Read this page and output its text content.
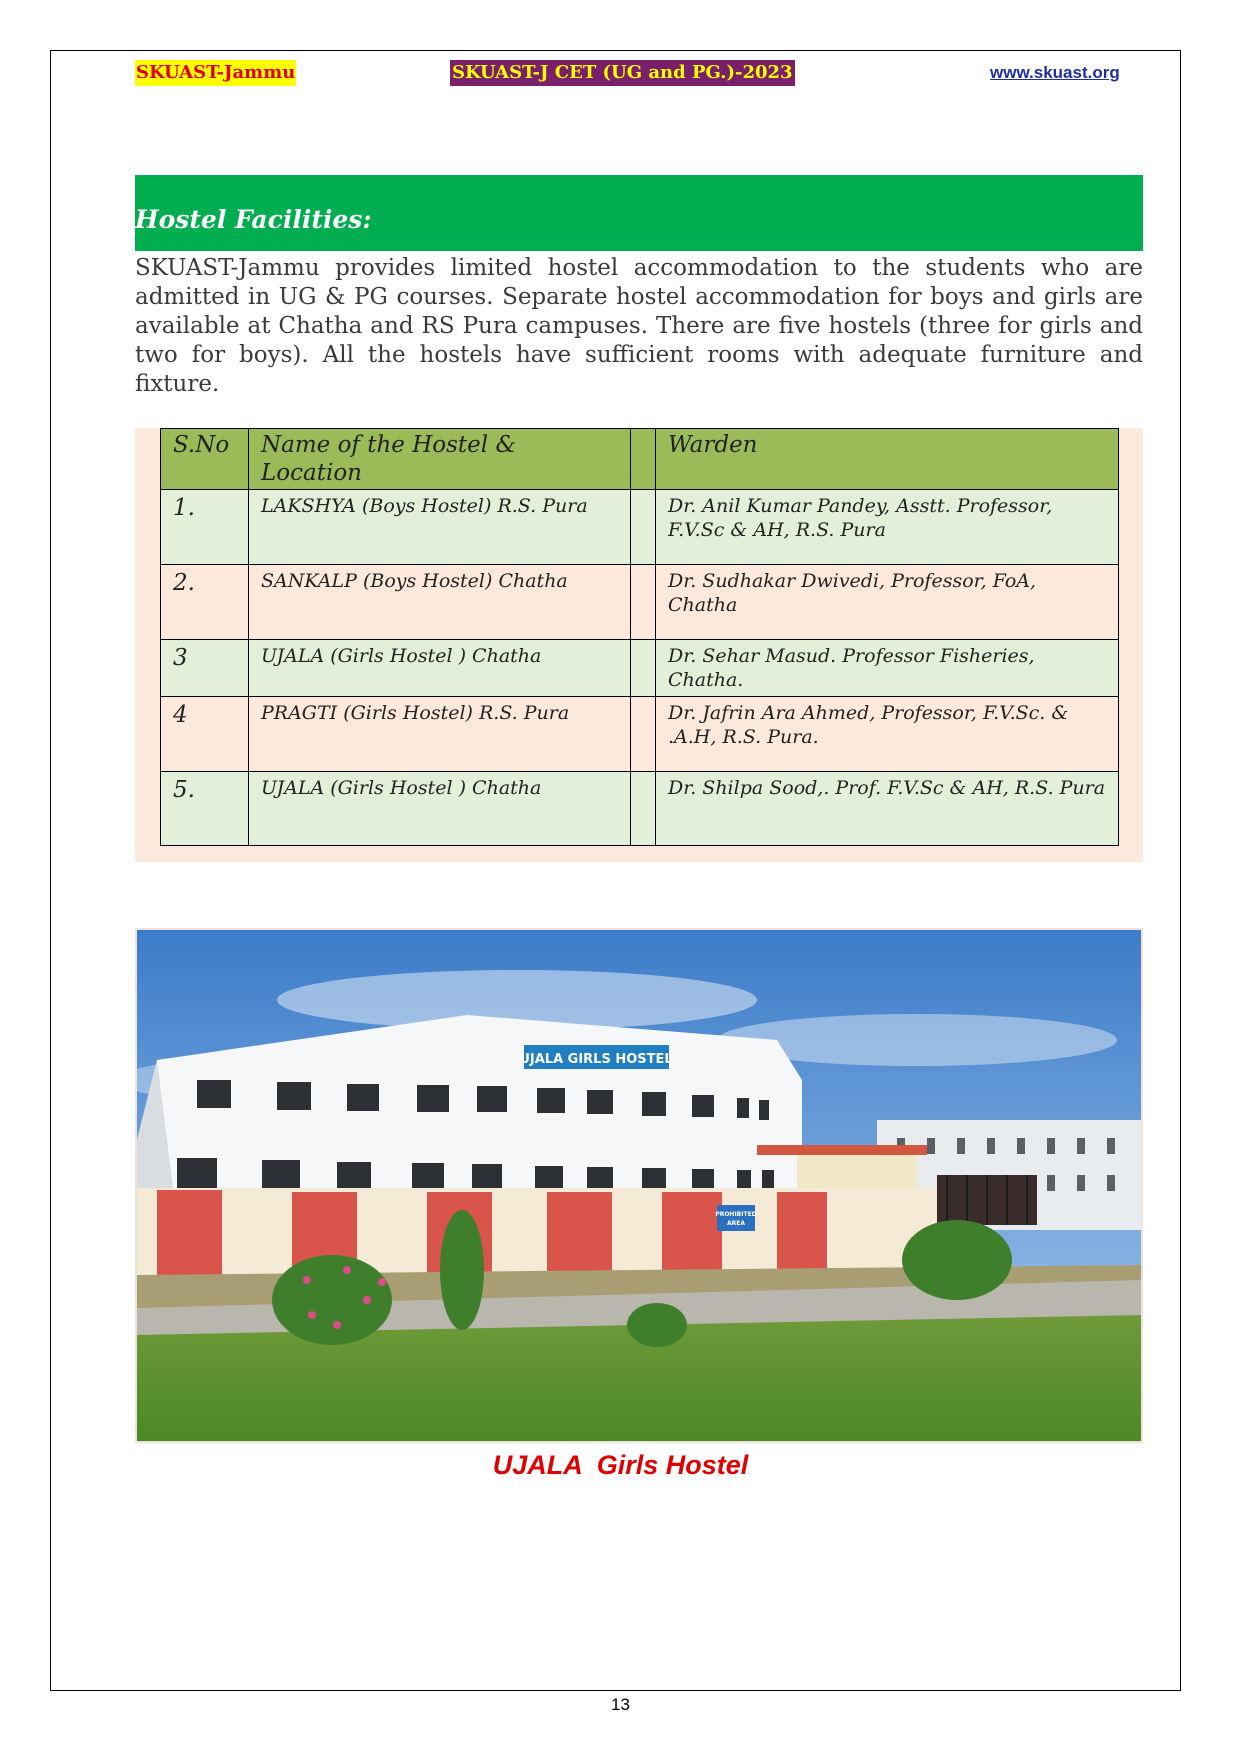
SKUAST-Jammu	SKUAST-J CET (UG and PG.)-2023	www.skuast.org
Hostel Facilities:

SKUAST-Jammu provides limited hostel accommodation to the students who are admitted in UG & PG courses. Separate hostel accommodation for boys and girls are available at Chatha and RS Pura campuses. There are five hostels (three for girls and two for boys). All the hostels have sufficient rooms with adequate furniture and fixture.

S.No	Name of the Hostel & Location		Warden
1.	LAKSHYA (Boys Hostel) R.S. Pura		Dr. Anil Kumar Pandey, Asstt. Professor, F.V.Sc & AH, R.S. Pura
2.	SANKALP (Boys Hostel) Chatha		Dr. Sudhakar Dwivedi, Professor, FoA, Chatha
3	UJALA (Girls Hostel ) Chatha		Dr. Sehar Masud. Professor Fisheries, Chatha.
4	PRAGTI (Girls Hostel) R.S. Pura		Dr. Jafrin Ara Ahmed, Professor, F.V.Sc. & .A.H, R.S. Pura.
5.	UJALA (Girls Hostel ) Chatha		Dr. Shilpa Sood,. Prof. F.V.Sc & AH, R.S. Pura
UJALA GIRLS HOSTEL
PROHIBITED
AREA
UJALA  Girls Hostel
13
